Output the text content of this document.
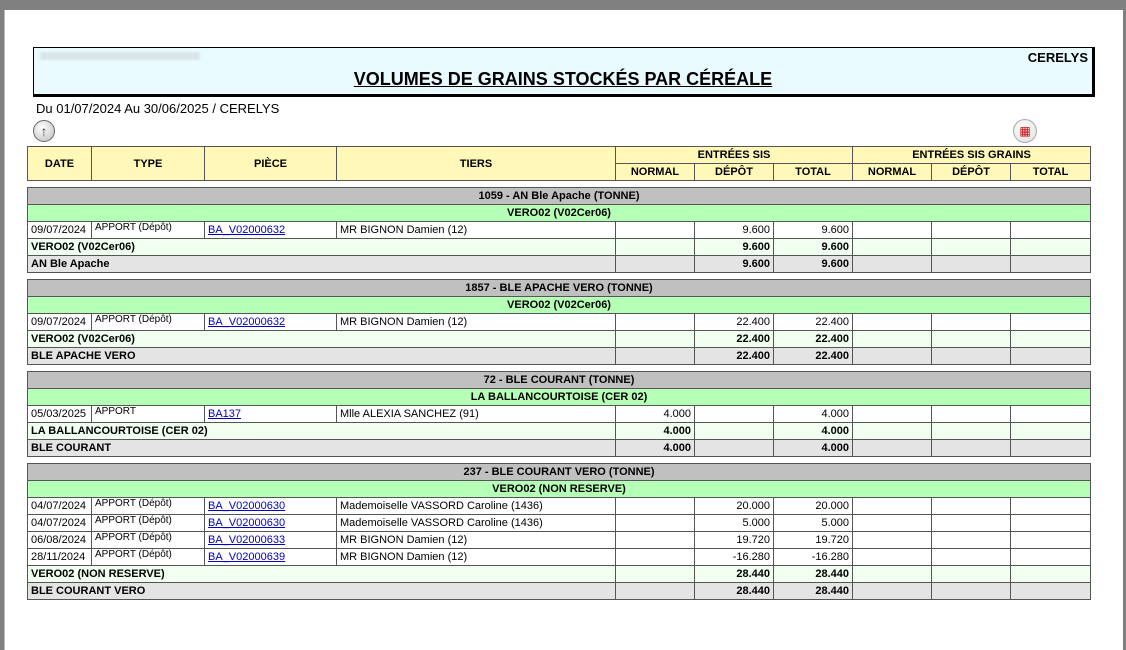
CERELYS
VOLUMES DE GRAINS STOCKÉS PAR CÉRÉALE
Du 01/07/2024 Au 30/06/2025 / CERELYS
↑	▦
DATE	TYPE	PIÈCE	TIERS	ENTRÉES SIS			ENTRÉES SIS GRAINS		
				NORMAL	DÉPÔT	TOTAL	NORMAL	DÉPÔT	TOTAL

1059 - AN Ble Apache (TONNE)									
VERO02 (V02Cer06)									
09/07/2024	APPORT (Dépôt)	BA_V02000632	MR BIGNON Damien (12)		9.600	9.600			
VERO02 (V02Cer06)					9.600	9.600			
AN Ble Apache					9.600	9.600			

1857 - BLE APACHE VERO (TONNE)									
VERO02 (V02Cer06)									
09/07/2024	APPORT (Dépôt)	BA_V02000632	MR BIGNON Damien (12)		22.400	22.400			
VERO02 (V02Cer06)					22.400	22.400			
BLE APACHE VERO					22.400	22.400			

72 - BLE COURANT (TONNE)									
LA BALLANCOURTOISE (CER 02)									
05/03/2025	APPORT	BA137	Mlle ALEXIA SANCHEZ (91)	4.000		4.000			
LA BALLANCOURTOISE (CER 02)				4.000		4.000			
BLE COURANT				4.000		4.000			

237 - BLE COURANT VERO (TONNE)									
VERO02 (NON RESERVE)									
04/07/2024	APPORT (Dépôt)	BA_V02000630	Mademoiselle VASSORD Caroline (1436)		20.000	20.000			
04/07/2024	APPORT (Dépôt)	BA_V02000630	Mademoiselle VASSORD Caroline (1436)		5.000	5.000			
06/08/2024	APPORT (Dépôt)	BA_V02000633	MR BIGNON Damien (12)		19.720	19.720			
28/11/2024	APPORT (Dépôt)	BA_V02000639	MR BIGNON Damien (12)		-16.280	-16.280			
VERO02 (NON RESERVE)					28.440	28.440			
BLE COURANT VERO					28.440	28.440			
